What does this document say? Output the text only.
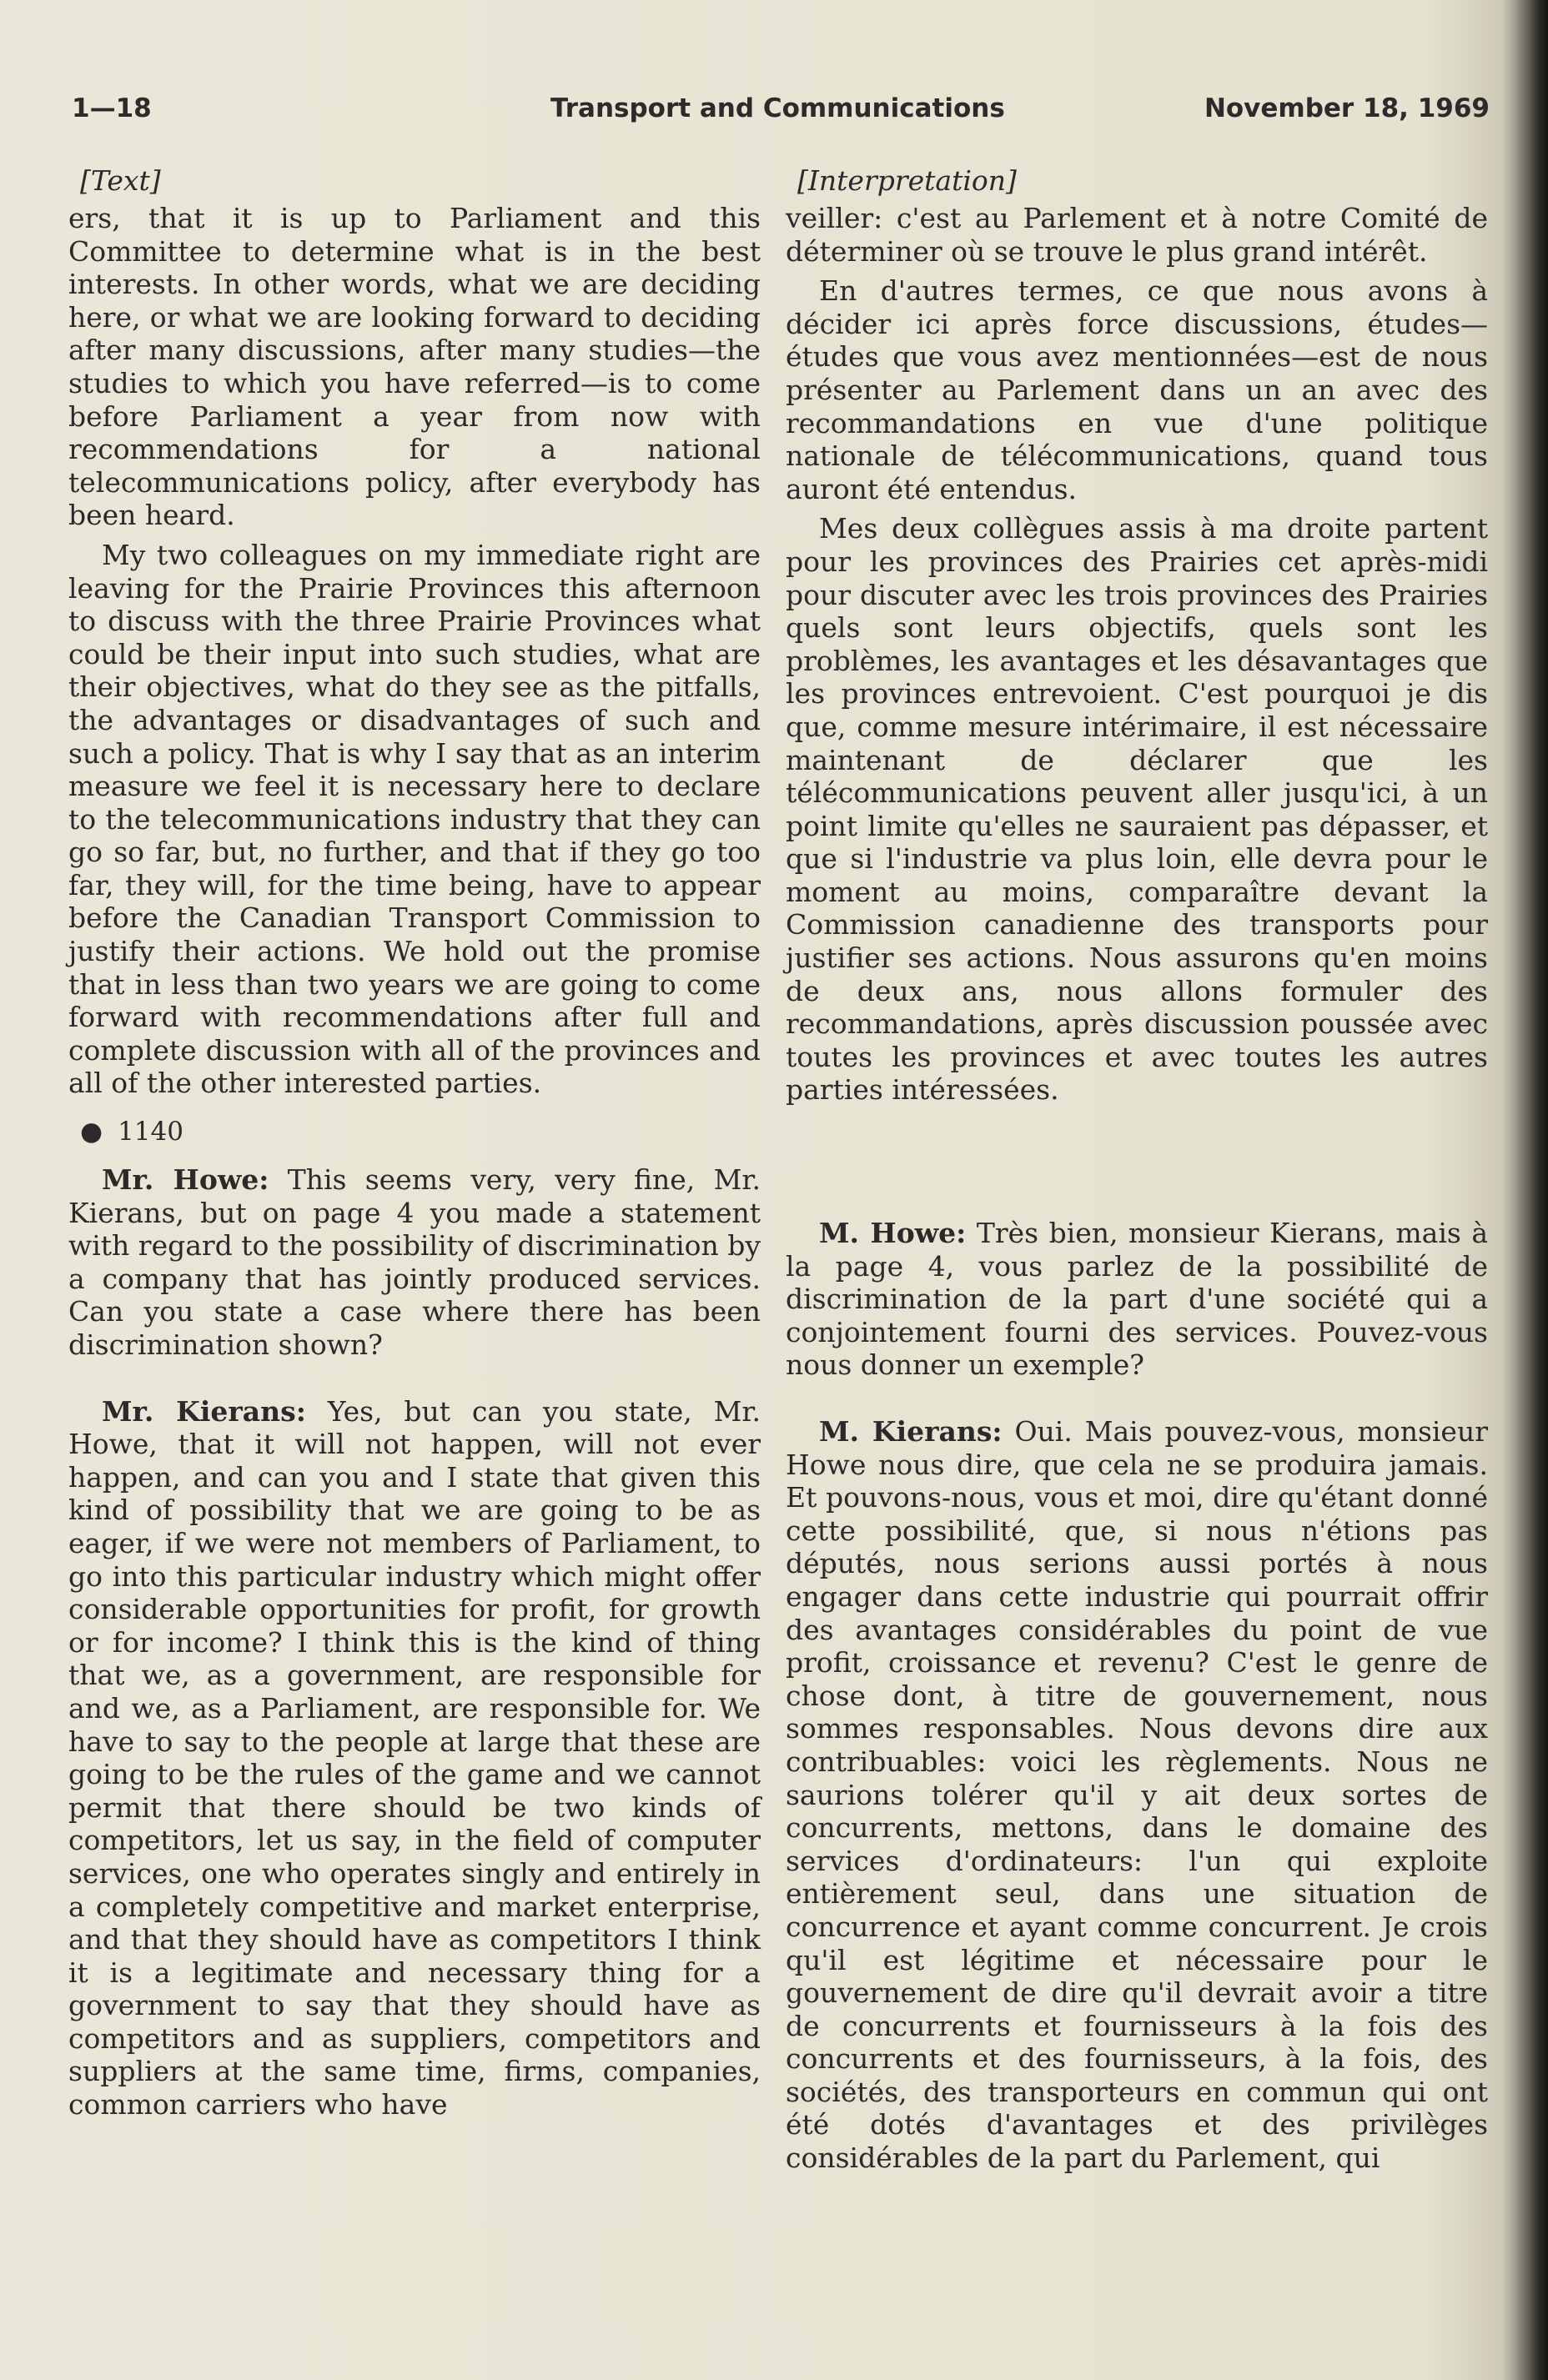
1—18	Transport and Communications	November 18, 1969
[Text]

ers, that it is up to Parliament and this Committee to determine what is in the best interests. In other words, what we are deciding here, or what we are looking forward to deciding after many discussions, after many studies—the studies to which you have referred—is to come before Parliament a year from now with recommendations for a national telecommunications policy, after everybody has been heard.

My two colleagues on my immediate right are leaving for the Prairie Provinces this afternoon to discuss with the three Prairie Provinces what could be their input into such studies, what are their objectives, what do they see as the pitfalls, the advantages or disadvantages of such and such a policy. That is why I say that as an interim measure we feel it is necessary here to declare to the telecommunications industry that they can go so far, but, no further, and that if they go too far, they will, for the time being, have to appear before the Canadian Transport Commission to justify their actions. We hold out the promise that in less than two years we are going to come forward with recommendations after full and complete discussion with all of the provinces and all of the other interested parties.

● 1140

Mr. Howe: This seems very, very fine, Mr. Kierans, but on page 4 you made a statement with regard to the possibility of discrimination by a company that has jointly produced services. Can you state a case where there has been discrimination shown?

Mr. Kierans: Yes, but can you state, Mr. Howe, that it will not happen, will not ever happen, and can you and I state that given this kind of possibility that we are going to be as eager, if we were not members of Parliament, to go into this particular industry which might offer considerable opportunities for profit, for growth or for income? I think this is the kind of thing that we, as a government, are responsible for and we, as a Parliament, are responsible for. We have to say to the people at large that these are going to be the rules of the game and we cannot permit that there should be two kinds of competitors, let us say, in the field of computer services, one who operates singly and entirely in a completely competitive and market enterprise, and that they should have as competitors I think it is a legitimate and necessary thing for a government to say that they should have as competitors and as suppliers, competitors and suppliers at the same time, firms, companies, common carriers who have

[Interpretation]

veiller: c'est au Parlement et à notre Comité de déterminer où se trouve le plus grand intérêt.

En d'autres termes, ce que nous avons à décider ici après force discussions, études—études que vous avez mentionnées—est de nous présenter au Parlement dans un an avec des recommandations en vue d'une politique nationale de télécommunications, quand tous auront été entendus.

Mes deux collègues assis à ma droite partent pour les provinces des Prairies cet après-midi pour discuter avec les trois provinces des Prairies quels sont leurs objectifs, quels sont les problèmes, les avantages et les désavantages que les provinces entrevoient. C'est pourquoi je dis que, comme mesure intérimaire, il est nécessaire maintenant de déclarer que les télécommunications peuvent aller jusqu'ici, à un point limite qu'elles ne sauraient pas dépasser, et que si l'industrie va plus loin, elle devra pour le moment au moins, comparaître devant la Commission canadienne des transports pour justifier ses actions. Nous assurons qu'en moins de deux ans, nous allons formuler des recommandations, après discussion poussée avec toutes les provinces et avec toutes les autres parties intéressées.

M. Howe: Très bien, monsieur Kierans, mais à la page 4, vous parlez de la possibilité de discrimination de la part d'une société qui a conjointement fourni des services. Pouvez-vous nous donner un exemple?

M. Kierans: Oui. Mais pouvez-vous, monsieur Howe nous dire, que cela ne se produira jamais. Et pouvons-nous, vous et moi, dire qu'étant donné cette possibilité, que, si nous n'étions pas députés, nous serions aussi portés à nous engager dans cette industrie qui pourrait offrir des avantages considérables du point de vue profit, croissance et revenu? C'est le genre de chose dont, à titre de gouvernement, nous sommes responsables. Nous devons dire aux contribuables: voici les règlements. Nous ne saurions tolérer qu'il y ait deux sortes de concurrents, mettons, dans le domaine des services d'ordinateurs: l'un qui exploite entièrement seul, dans une situation de concurrence et ayant comme concurrent. Je crois qu'il est légitime et nécessaire pour le gouvernement de dire qu'il devrait avoir a titre de concurrents et fournisseurs à la fois des concurrents et des fournisseurs, à la fois, des sociétés, des transporteurs en commun qui ont été dotés d'avantages et des privilèges considérables de la part du Parlement, qui
